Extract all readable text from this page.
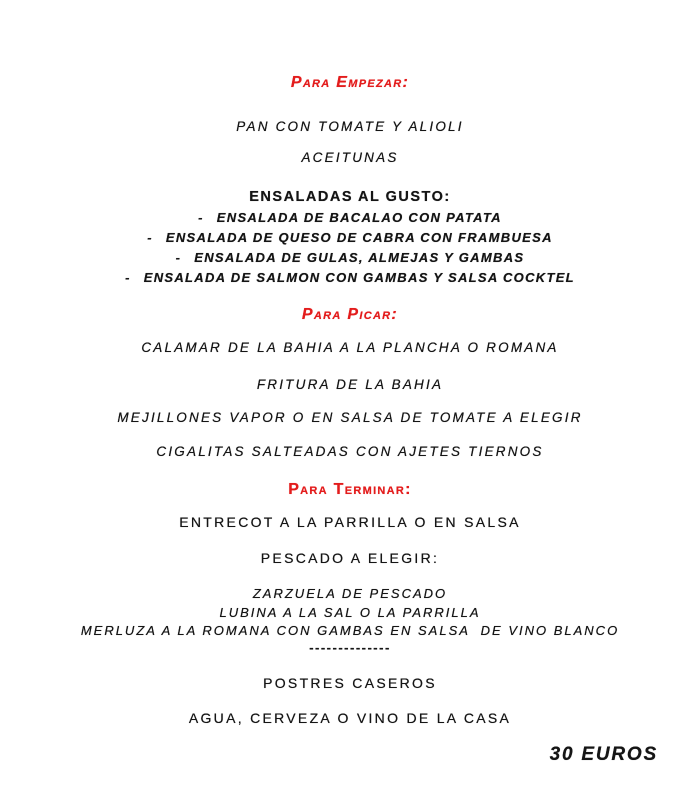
Para Empezar:
PAN CON TOMATE Y ALIOLI
ACEITUNAS
ENSALADAS AL GUSTO:
- ENSALADA DE BACALAO CON PATATA
- ENSALADA DE QUESO DE CABRA CON FRAMBUESA
- ENSALADA DE GULAS, ALMEJAS Y GAMBAS
- ENSALADA DE SALMON CON GAMBAS Y SALSA COCKTEL
Para Picar:
CALAMAR DE LA BAHIA A LA PLANCHA O ROMANA
FRITURA DE LA BAHIA
MEJILLONES VAPOR O EN SALSA DE TOMATE A ELEGIR
CIGALITAS SALTEADAS CON AJETES TIERNOS
Para Terminar:
ENTRECOT A LA PARRILLA O EN SALSA
PESCADO A ELEGIR:
ZARZUELA DE PESCADO
LUBINA A LA SAL O LA PARRILLA
MERLUZA A LA ROMANA CON GAMBAS EN SALSA  DE VINO BLANCO
--------------
POSTRES CASEROS
AGUA, CERVEZA O VINO DE LA CASA
30 EUROS
